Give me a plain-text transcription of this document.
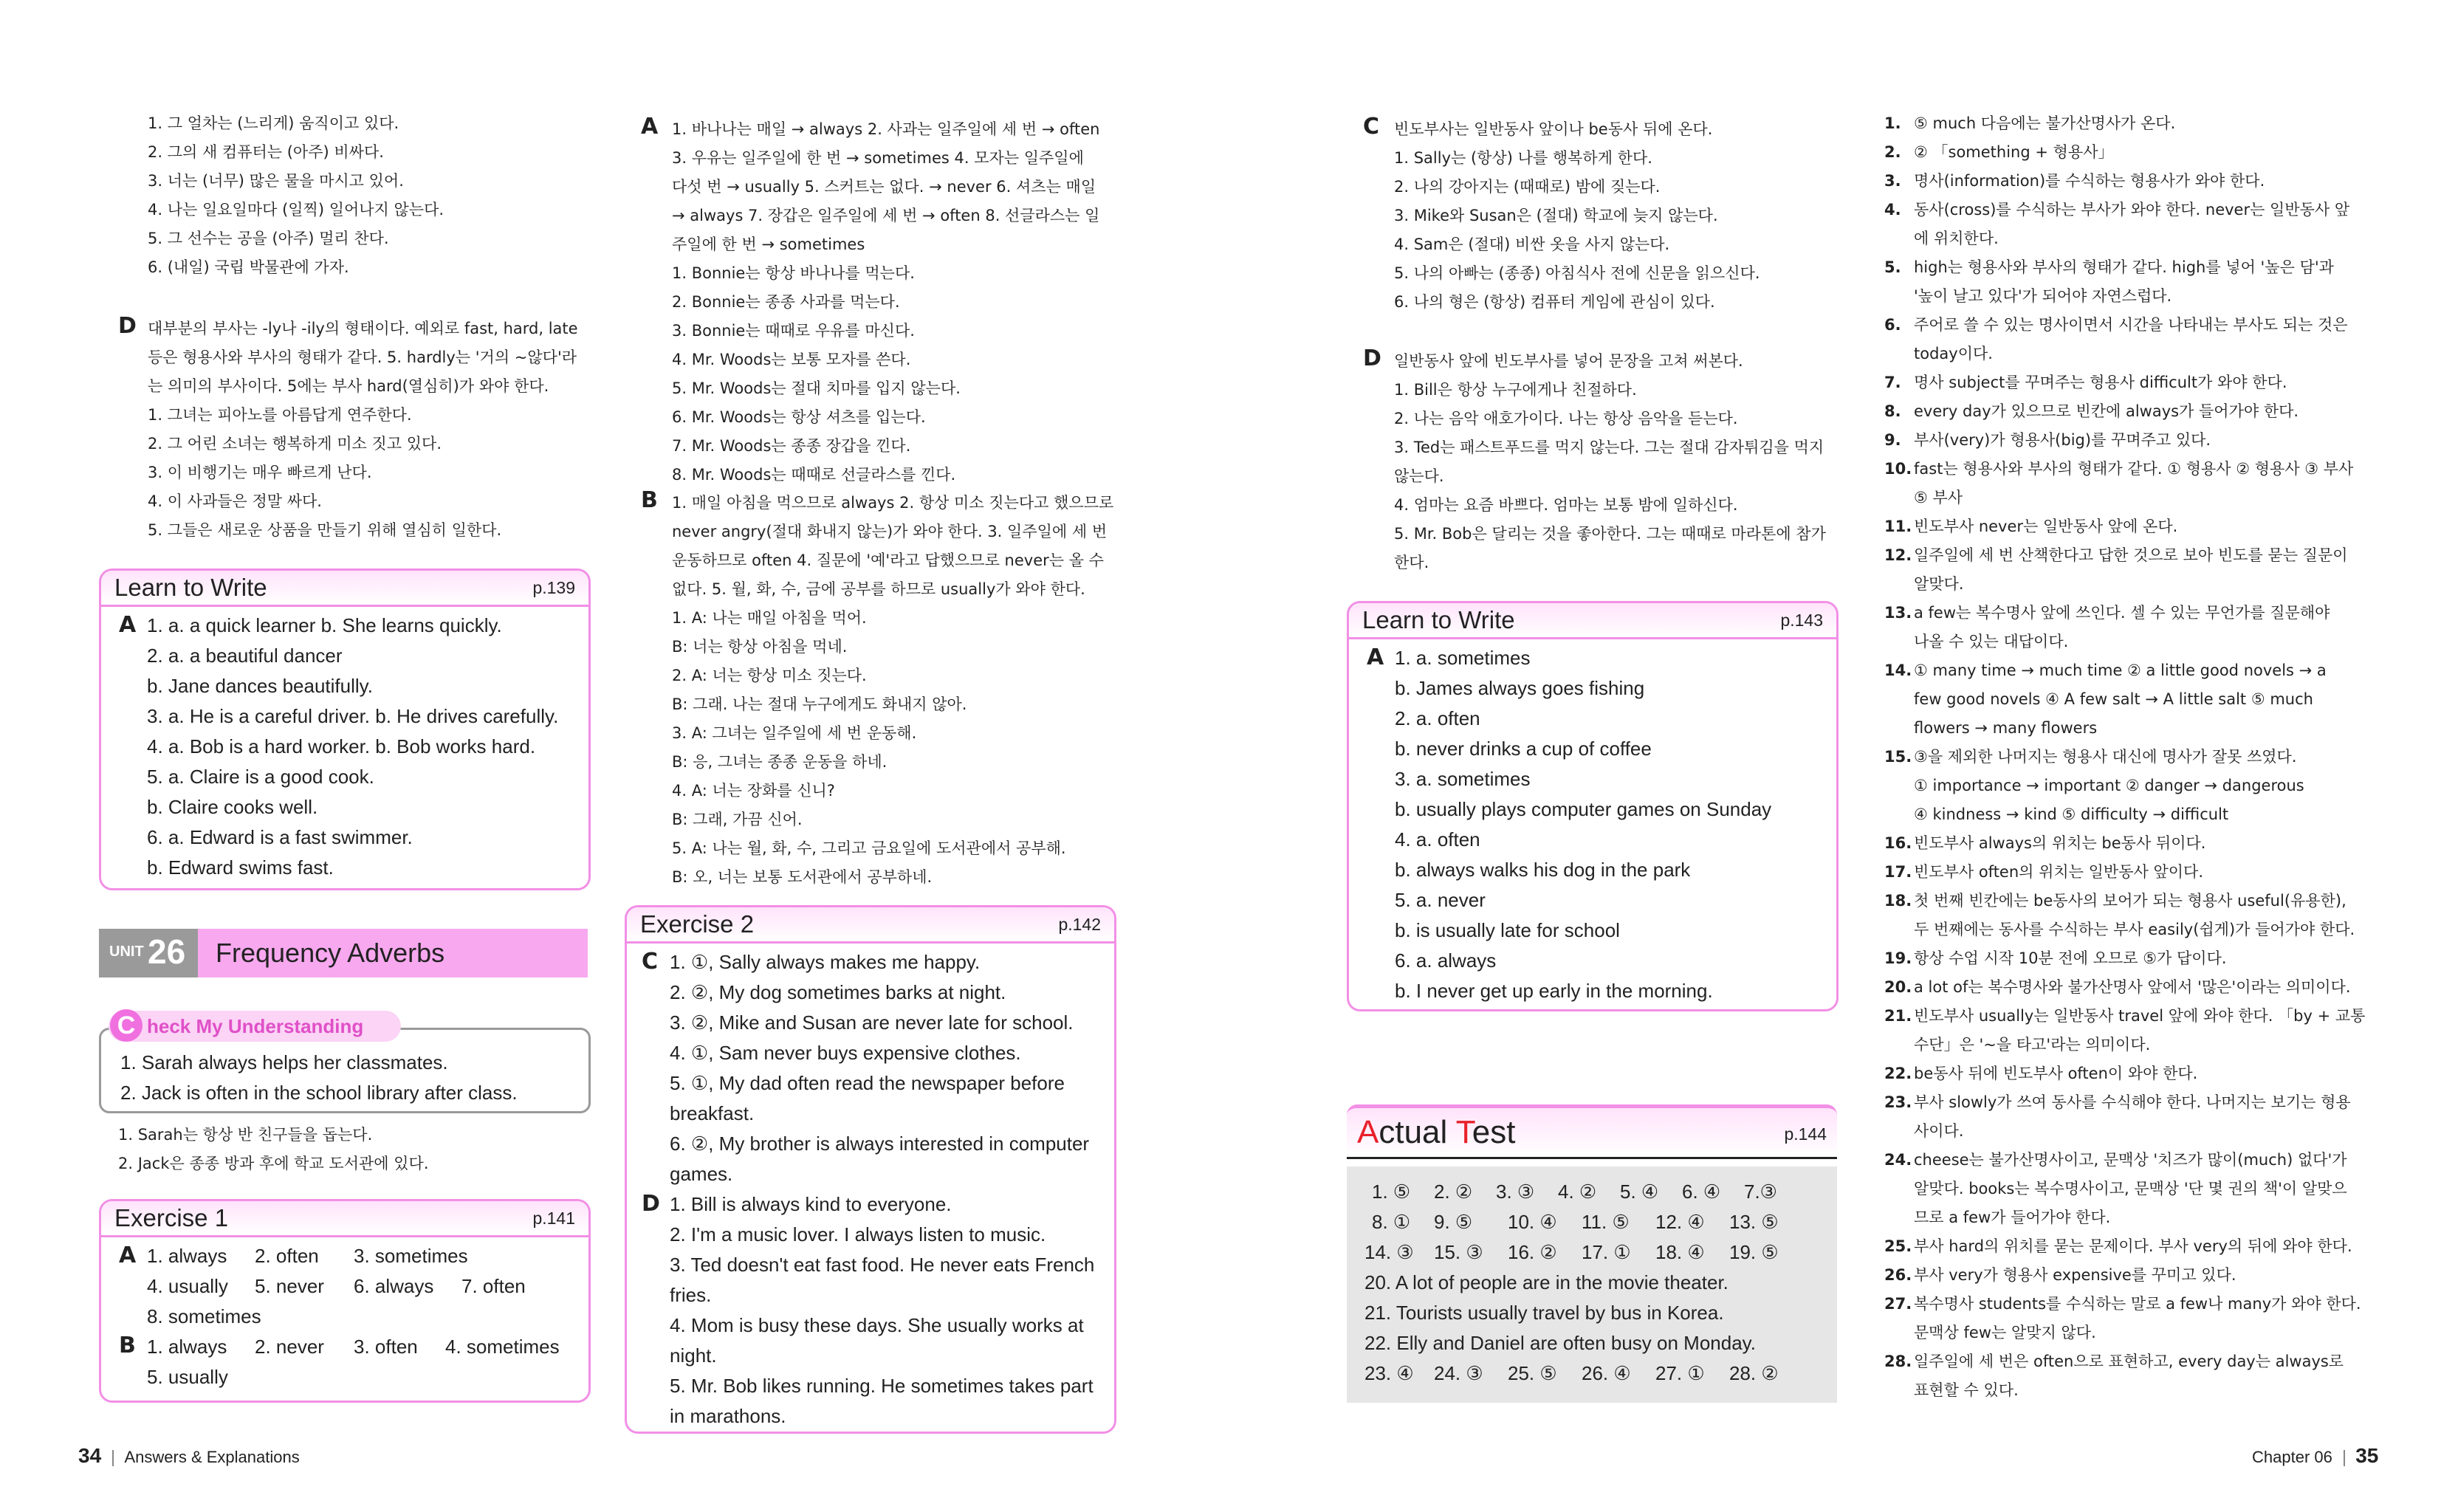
1. 그 얼차는 (느리게) 움직이고 있다.
2. 그의 새 컴퓨터는 (아주) 비싸다.
3. 너는 (너무) 많은 물을 마시고 있어.
4. 나는 일요일마다 (일찍) 일어나지 않는다.
5. 그 선수는 공을 (아주) 멀리 찬다.
6. (내일) 국립 박물관에 가자.
D 대부분의 부사는 -ly나 -ily의 형태이다. 예외로 fast, hard, late
등은 형용사와 부사의 형태가 같다. 5. hardly는 '거의 ~않다'라
는 의미의 부사이다. 5에는 부사 hard(열심히)가 와야 한다.
1. 그녀는 피아노를 아름답게 연주한다.
2. 그 어린 소녀는 행복하게 미소 짓고 있다.
3. 이 비행기는 매우 빠르게 난다.
4. 이 사과들은 정말 싸다.
5. 그들은 새로운 상품을 만들기 위해 열심히 일한다.
Learn to Write	p.139
A 1. a. a quick learner b. She learns quickly.
2. a. a beautiful dancer
b. Jane dances beautifully.
3. a. He is a careful driver. b. He drives carefully.
4. a. Bob is a hard worker. b. Bob works hard.
5. a. Claire is a good cook.
b. Claire cooks well.
6. a. Edward is a fast swimmer.
b. Edward swims fast.
UNIT 26 Frequency Adverbs
C heck My Understanding
1. Sarah always helps her classmates.
2. Jack is often in the school library after class.
1. Sarah는 항상 반 친구들을 돕는다.
2. Jack은 종종 방과 후에 학교 도서관에 있다.
Exercise 1	p.141
A 1. always 2. often 3. sometimes
4. usually 5. never 6. always 7. often
8. sometimes
B 1. always 2. never 3. often 4. sometimes
5. usually
34 Answers & Explanations
A 1. 바나나는 매일 → always 2. 사과는 일주일에 세 번 → often
3. 우유는 일주일에 한 번 → sometimes 4. 모자는 일주일에
다섯 번 → usually 5. 스커트는 없다. → never 6. 셔츠는 매일
→ always 7. 장갑은 일주일에 세 번 → often 8. 선글라스는 일
주일에 한 번 → sometimes
1. Bonnie는 항상 바나나를 먹는다.
2. Bonnie는 종종 사과를 먹는다.
3. Bonnie는 때때로 우유를 마신다.
4. Mr. Woods는 보통 모자를 쓴다.
5. Mr. Woods는 절대 치마를 입지 않는다.
6. Mr. Woods는 항상 셔츠를 입는다.
7. Mr. Woods는 종종 장갑을 낀다.
8. Mr. Woods는 때때로 선글라스를 낀다.
B 1. 매일 아침을 먹으므로 always 2. 항상 미소 짓는다고 했으므로
never angry(절대 화내지 않는)가 와야 한다. 3. 일주일에 세 번
운동하므로 often 4. 질문에 '예'라고 답했으므로 never는 올 수
없다. 5. 월, 화, 수, 금에 공부를 하므로 usually가 와야 한다.
1. A: 나는 매일 아침을 먹어.
B: 너는 항상 아침을 먹네.
2. A: 너는 항상 미소 짓는다.
B: 그래. 나는 절대 누구에게도 화내지 않아.
3. A: 그녀는 일주일에 세 번 운동해.
B: 응, 그녀는 종종 운동을 하네.
4. A: 너는 장화를 신니?
B: 그래, 가끔 신어.
5. A: 나는 월, 화, 수, 그리고 금요일에 도서관에서 공부해.
B: 오, 너는 보통 도서관에서 공부하네.
Exercise 2	p.142
C 1. ①, Sally always makes me happy.
2. ②, My dog sometimes barks at night.
3. ②, Mike and Susan are never late for school.
4. ①, Sam never buys expensive clothes.
5. ①, My dad often read the newspaper before
breakfast.
6. ②, My brother is always interested in computer
games.
D 1. Bill is always kind to everyone.
2. I'm a music lover. I always listen to music.
3. Ted doesn't eat fast food. He never eats French
fries.
4. Mom is busy these days. She usually works at
night.
5. Mr. Bob likes running. He sometimes takes part
in marathons.
C 빈도부사는 일반동사 앞이나 be동사 뒤에 온다.
1. Sally는 (항상) 나를 행복하게 한다.
2. 나의 강아지는 (때때로) 밤에 짖는다.
3. Mike와 Susan은 (절대) 학교에 늦지 않는다.
4. Sam은 (절대) 비싼 옷을 사지 않는다.
5. 나의 아빠는 (종종) 아침식사 전에 신문을 읽으신다.
6. 나의 형은 (항상) 컴퓨터 게임에 관심이 있다.
D 일반동사 앞에 빈도부사를 넣어 문장을 고쳐 써본다.
1. Bill은 항상 누구에게나 친절하다.
2. 나는 음악 애호가이다. 나는 항상 음악을 듣는다.
3. Ted는 패스트푸드를 먹지 않는다. 그는 절대 감자튀김을 먹지
않는다.
4. 엄마는 요즘 바쁘다. 엄마는 보통 밤에 일하신다.
5. Mr. Bob은 달리는 것을 좋아한다. 그는 때때로 마라톤에 참가
한다.
Learn to Write	p.143
A 1. a. sometimes
b. James always goes fishing
2. a. often
b. never drinks a cup of coffee
3. a. sometimes
b. usually plays computer games on Sunday
4. a. often
b. always walks his dog in the park
5. a. never
b. is usually late for school
6. a. always
b. I never get up early in the morning.
Actual Test	p.144
1. ⑤ 2. ② 3. ③ 4. ② 5. ④ 6. ④ 7.③
8. ① 9. ⑤ 10. ④ 11. ⑤ 12. ④ 13. ⑤
14. ③ 15. ③ 16. ② 17. ① 18. ④ 19. ⑤
20. A lot of people are in the movie theater.
21. Tourists usually travel by bus in Korea.
22. Elly and Daniel are often busy on Monday.
23. ④ 24. ③ 25. ⑤ 26. ④ 27. ① 28. ②
1. ⑤ much 다음에는 불가산명사가 온다.
2. ② 「something + 형용사」
3. 명사(information)를 수식하는 형용사가 와야 한다.
4. 동사(cross)를 수식하는 부사가 와야 한다. never는 일반동사 앞
에 위치한다.
5. high는 형용사와 부사의 형태가 같다. high를 넣어 '높은 담'과
'높이 날고 있다'가 되어야 자연스럽다.
6. 주어로 쓸 수 있는 명사이면서 시간을 나타내는 부사도 되는 것은
today이다.
7. 명사 subject를 꾸며주는 형용사 difficult가 와야 한다.
8. every day가 있으므로 빈칸에 always가 들어가야 한다.
9. 부사(very)가 형용사(big)를 꾸며주고 있다.
10. fast는 형용사와 부사의 형태가 같다. ① 형용사 ② 형용사 ③ 부사
⑤ 부사
11. 빈도부사 never는 일반동사 앞에 온다.
12. 일주일에 세 번 산책한다고 답한 것으로 보아 빈도를 묻는 질문이
알맞다.
13. a few는 복수명사 앞에 쓰인다. 셀 수 있는 무언가를 질문해야
나올 수 있는 대답이다.
14. ① many time → much time ② a little good novels → a
few good novels ④ A few salt → A little salt ⑤ much
flowers → many flowers
15. ③을 제외한 나머지는 형용사 대신에 명사가 잘못 쓰였다.
① importance → important ② danger → dangerous
④ kindness → kind ⑤ difficulty → difficult
16. 빈도부사 always의 위치는 be동사 뒤이다.
17. 빈도부사 often의 위치는 일반동사 앞이다.
18. 첫 번째 빈칸에는 be동사의 보어가 되는 형용사 useful(유용한),
두 번째에는 동사를 수식하는 부사 easily(쉽게)가 들어가야 한다.
19. 항상 수업 시작 10분 전에 오므로 ⑤가 답이다.
20. a lot of는 복수명사와 불가산명사 앞에서 '많은'이라는 의미이다.
21. 빈도부사 usually는 일반동사 travel 앞에 와야 한다. 「by + 교통
수단」은 '~을 타고'라는 의미이다.
22. be동사 뒤에 빈도부사 often이 와야 한다.
23. 부사 slowly가 쓰여 동사를 수식해야 한다. 나머지는 보기는 형용
사이다.
24. cheese는 불가산명사이고, 문맥상 '치즈가 많이(much) 없다'가
알맞다. books는 복수명사이고, 문맥상 '단 몇 권의 책'이 알맞으
므로 a few가 들어가야 한다.
25. 부사 hard의 위치를 묻는 문제이다. 부사 very의 뒤에 와야 한다.
26. 부사 very가 형용사 expensive를 꾸미고 있다.
27. 복수명사 students를 수식하는 말로 a few나 many가 와야 한다.
문맥상 few는 알맞지 않다.
28. 일주일에 세 번은 often으로 표현하고, every day는 always로
표현할 수 있다.
Chapter 06 35
